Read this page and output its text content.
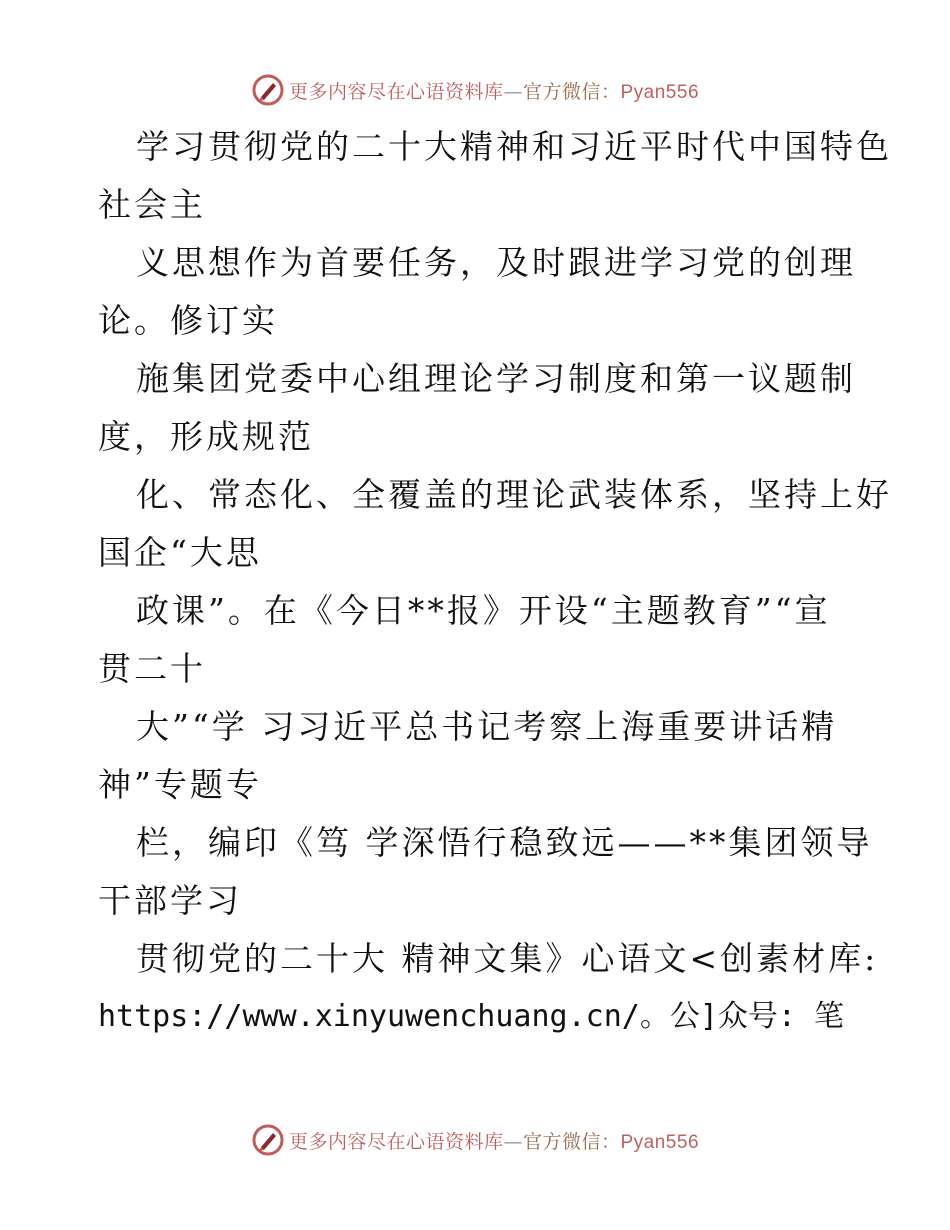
更多内容尽在心语资料库—官方微信：Pyan556
学习贯彻党的二十大精神和习近平时代中国特色
社会主
义思想作为首要任务，及时跟进学习党的创理
论。修订实
施集团党委中心组理论学习制度和第一议题制
度，形成规范
化、常态化、全覆盖的理论武装体系，坚持上好
国企“大思
政课”。在《今日**报》开设“主题教育”“宣
贯二十
大”“学 习习近平总书记考察上海重要讲话精
神”专题专
栏，编印《笃 学深悟行稳致远——**集团领导
干部学习
贯彻党的二十大 精神文集》心语文<创素材库:
https://www.xinyuwenchuang.cn/。公]众号: 笔
更多内容尽在心语资料库—官方微信：Pyan556
